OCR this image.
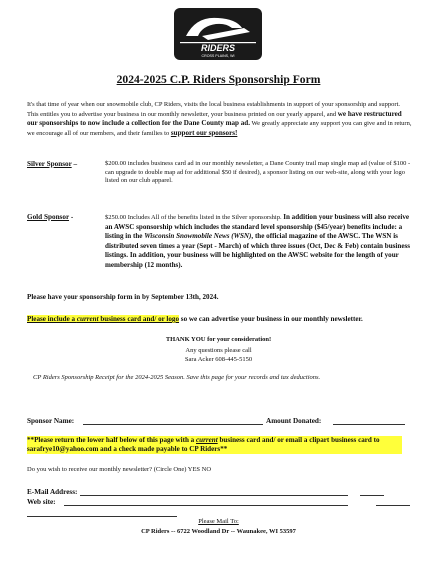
RIDERS
CROSS PLAINS, WI
2024-2025 C.P. Riders Sponsorship Form
It's that time of year when our snowmobile club, CP Riders, visits the local business establishments in support of your sponsorship and support. This entitles you to advertise your business in our monthly newsletter, your business printed on our yearly apparel, and we have restructured our sponsorships to now include a collection for the Dane County map ad. We greatly appreciate any support you can give and in return, we encourage all of our members, and their families to support our sponsors!
Silver Sponsor –	$200.00 includes business card ad in our monthly newsletter, a Dane County trail map single map ad (value of $100 - can upgrade to double map ad for additional $50 if desired), a sponsor listing on our web-site, along with your logo listed on our club apparel.
Gold Sponsor -	$250.00 Includes All of the benefits listed in the Silver sponsorship. In addition your business will also receive an AWSC sponsorship which includes the standard level sponsorship ($45/year) benefits include: a listing in the Wisconsin Snowmobile News (WSN), the official magazine of the AWSC. The WSN is distributed seven times a year (Sept - March) of which three issues (Oct, Dec & Feb) contain business listings. In addition, your business will be highlighted on the AWSC website for the length of your membership (12 months).
Please have your sponsorship form in by September 13th, 2024.
Please include a current business card and/ or logo so we can advertise your business in our monthly newsletter.
THANK YOU for your consideration!
Any questions please call
Sara Acker 608-445-5150
CP Riders Sponsorship Receipt for the 2024-2025 Season. Save this page for your records and tax deductions.
Sponsor Name:	Amount Donated:
**Please return the lower half below of this page with a current business card and/ or email a clipart business card to sarafrye10@yahoo.com and a check made payable to CP Riders**
Do you wish to receive our monthly newsletter? (Circle One) YES NO
E-Mail Address:
Web site:
Please Mail To:
CP Riders -- 6722 Woodland Dr -- Waunakee, WI 53597
